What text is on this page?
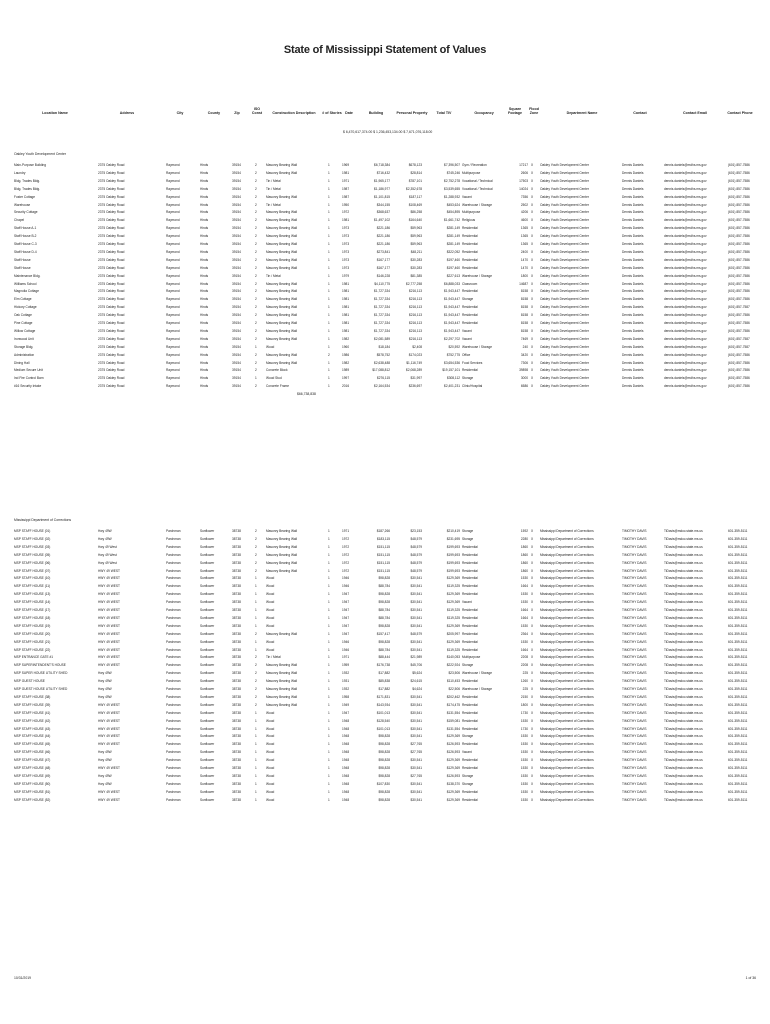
State of Mississippi Statement of Values
Location Name	Address	City	County	Zip
ISO
Const	Construction Description	# of Stories Date	Building	Personal Property	Total TIV	Occupancy
Square
Footage
Flood
Zone	Department Name	Contact	Contact Email	Contact Phone
$ 6,470,617,374.00 $ 1,236,453,134.00 $ 7,671,076,118.00
Oakley Youth Development Center
Main-Purpose Building	2375 Oakley Road	Raymond	Hinds	39154	2	Masonry Bearing Wall	1	1969	$6,718,384	$678,123	$7,396,507 Gym / Recreation	17217 X	Oakley Youth Development Center	Dennis Daniels	dennis.daniels@mdhs.ms.gov	(601) 857-7586
Laundry	2375 Oakley Road	Raymond	Hinds	39154	2	Masonry Bearing Wall	1	1981	$716,432	$28,814	$745,246 Multipurpose	2606 X	Oakley Youth Development Center	Dennis Daniels	dennis.daniels@mdhs.ms.gov	(601) 857-7586
Bldg. Trades Bldg.	2375 Oakley Road	Raymond	Hinds	39154	2	Tin / Metal	1	1971	$1,965,177	$787,101	$2,752,278 Vocational / Technical	17503 X	Oakley Youth Development Center	Dennis Daniels	dennis.daniels@mdhs.ms.gov	(601) 857-7586
Bldg. Trades Bldg.	2375 Oakley Road	Raymond	Hinds	39154	2	Tin / Metal	1	1987	$1,186,977	$2,352,678	$3,539,655 Vocational / Technical	14024 X	Oakley Youth Development Center	Dennis Daniels	dennis.daniels@mdhs.ms.gov	(601) 857-7586
Foster Cottage	2375 Oakley Road	Raymond	Hinds	39154	2	Masonry Bearing Wall	1	1987	$1,101,815	$187,117	$1,288,932 Vacant	7356 X	Oakley Youth Development Center	Dennis Daniels	dennis.daniels@mdhs.ms.gov	(601) 857-7586
Warehouse	2375 Oakley Road	Raymond	Hinds	39154	2	Tin / Metal	1	1950	$344,155	$108,469	$453,624 Warehouse / Storage	2502 X	Oakley Youth Development Center	Dennis Daniels	dennis.daniels@mdhs.ms.gov	(601) 857-7586
Security Cottage	2375 Oakley Road	Raymond	Hinds	39154	2	Masonry Bearing Wall	1	1972	$368,637	$86,258	$454,895 Multipurpose	4206 X	Oakley Youth Development Center	Dennis Daniels	dennis.daniels@mdhs.ms.gov	(601) 857-7586
Chapel	2375 Oakley Road	Raymond	Hinds	39154	2	Masonry Bearing Wall	1	1981	$1,497,102	$164,640	$1,661,742 Religious	4600 X	Oakley Youth Development Center	Dennis Daniels	dennis.daniels@mdhs.ms.gov	(601) 857-7586
Staff House A-1	2375 Oakley Road	Raymond	Hinds	39154	2	Masonry Bearing Wall	1	1973	$221,186	$59,963	$281,149 Residential	1365 X	Oakley Youth Development Center	Dennis Daniels	dennis.daniels@mdhs.ms.gov	(601) 857-7586
Staff House B-2	2375 Oakley Road	Raymond	Hinds	39154	2	Masonry Bearing Wall	1	1973	$221,186	$59,963	$281,149 Residential	1365 X	Oakley Youth Development Center	Dennis Daniels	dennis.daniels@mdhs.ms.gov	(601) 857-7586
Staff House C-3	2375 Oakley Road	Raymond	Hinds	39154	2	Masonry Bearing Wall	1	1973	$221,186	$59,963	$281,149 Residential	1365 X	Oakley Youth Development Center	Dennis Daniels	dennis.daniels@mdhs.ms.gov	(601) 857-7586
Staff House D-4	2375 Oakley Road	Raymond	Hinds	39154	2	Masonry Bearing Wall	1	1973	$273,841	$48,211	$322,052 Residential	2400 X	Oakley Youth Development Center	Dennis Daniels	dennis.daniels@mdhs.ms.gov	(601) 857-7586
Staff House	2375 Oakley Road	Raymond	Hinds	39154	2	Masonry Bearing Wall	1	1973	$167,177	$30,283	$197,460 Residential	1470 X	Oakley Youth Development Center	Dennis Daniels	dennis.daniels@mdhs.ms.gov	(601) 857-7586
Staff House	2375 Oakley Road	Raymond	Hinds	39154	2	Masonry Bearing Wall	1	1973	$167,177	$30,283	$197,460 Residential	1470 X	Oakley Youth Development Center	Dennis Daniels	dennis.daniels@mdhs.ms.gov	(601) 857-7586
Maintenance Bldg.	2375 Oakley Road	Raymond	Hinds	39154	2	Tin / Metal	1	1979	$146,228	$81,385	$227,613 Warehouse / Storage	1800 X	Oakley Youth Development Center	Dennis Daniels	dennis.daniels@mdhs.ms.gov	(601) 857-7586
Williams School	2375 Oakley Road	Raymond	Hinds	39154	2	Masonry Bearing Wall	1	1981	$4,110,775	$2,777,258	$6,888,033 Classroom	14687 X	Oakley Youth Development Center	Dennis Daniels	dennis.daniels@mdhs.ms.gov	(601) 857-7586
Magnolia Cottage	2375 Oakley Road	Raymond	Hinds	39154	2	Masonry Bearing Wall	1	1981	$1,727,334	$216,113	$1,943,447 Residential	8158 X	Oakley Youth Development Center	Dennis Daniels	dennis.daniels@mdhs.ms.gov	(601) 857-7586
Elm Cottage	2375 Oakley Road	Raymond	Hinds	39154	2	Masonry Bearing Wall	1	1981	$1,727,334	$216,113	$1,943,447 Storage	8158 X	Oakley Youth Development Center	Dennis Daniels	dennis.daniels@mdhs.ms.gov	(601) 857-7586
Hickory Cottage	2375 Oakley Road	Raymond	Hinds	39154	2	Masonry Bearing Wall	1	1981	$1,727,334	$216,113	$1,943,447 Residential	8158 X	Oakley Youth Development Center	Dennis Daniels	dennis.daniels@mdhs.ms.gov	(601) 857-7587
Oak Cottage	2375 Oakley Road	Raymond	Hinds	39154	2	Masonry Bearing Wall	1	1981	$1,727,334	$216,113	$1,943,447 Residential	8158 X	Oakley Youth Development Center	Dennis Daniels	dennis.daniels@mdhs.ms.gov	(601) 857-7586
Pine Cottage	2375 Oakley Road	Raymond	Hinds	39154	2	Masonry Bearing Wall	1	1981	$1,727,334	$216,113	$1,943,447 Residential	8158 X	Oakley Youth Development Center	Dennis Daniels	dennis.daniels@mdhs.ms.gov	(601) 857-7586
Willow Cottage	2375 Oakley Road	Raymond	Hinds	39154	2	Masonry Bearing Wall	1	1981	$1,727,334	$216,113	$1,943,447 Vacant	8158 X	Oakley Youth Development Center	Dennis Daniels	dennis.daniels@mdhs.ms.gov	(601) 857-7586
Ironwood Unit	2375 Oakley Road	Raymond	Hinds	39154	2	Masonry Bearing Wall	1	1982	$2,081,589	$216,113	$2,297,702 Vacant	7469 X	Oakley Youth Development Center	Dennis Daniels	dennis.daniels@mdhs.ms.gov	(601) 857-7587
Storage Bldg.	2375 Oakley Road	Raymond	Hinds	39154	1	Wood	1	1960	$18,184	$2,408	$20,592 Warehouse / Storage	240 X	Oakley Youth Development Center	Dennis Daniels	dennis.daniels@mdhs.ms.gov	(601) 857-7587
Administration	2375 Oakley Road	Raymond	Hinds	39154	2	Masonry Bearing Wall	2	1986	$578,752	$174,023	$752,775 Office	3420 X	Oakley Youth Development Center	Dennis Daniels	dennis.daniels@mdhs.ms.gov	(601) 857-7586
Dining Hall	2375 Oakley Road	Raymond	Hinds	39154	2	Masonry Bearing Wall	1	1982	$2,638,488	$1,116,749	$3,654,536 Food Services	7306 X	Oakley Youth Development Center	Dennis Daniels	dennis.daniels@mdhs.ms.gov	(601) 857-7586
Medium Secure Unit	2375 Oakley Road	Raymond	Hinds	39154	2	Concrete Block	1	1989	$17,088,812	$2,068,289	$19,157,101 Residential	39898 X	Oakley Youth Development Center	Dennis Daniels	dennis.daniels@mdhs.ms.gov	(601) 857-7586
Ind Fire Control Barn	2375 Oakley Road	Raymond	Hinds	39154	1	Wood Stud	1	1997	$276,115	$31,997	$308,112 Storage	3000 X	Oakley Youth Development Center	Dennis Daniels	dennis.daniels@mdhs.ms.gov	(601) 857-7586
#16 Security Intake	2375 Oakley Road	Raymond	Hinds	39154	2	Concrete Frame	1	2016	$2,164,534	$236,697	$2,401,231 Clinic/Hospital	6586 X	Oakley Youth Development Center	Dennis Daniels	dennis.daniels@mdhs.ms.gov	(601) 857-7586
$66,738,838
Mississippi Department of Corrections
MSP STAFF HOUSE (01)	Hwy 49W	Parchman	Sunflower	38738	2	Masonry Bearing Wall	1	1971	$187,266	$23,153	$210,419 Storage	1592 X	Mississippi Department of Corrections	TIMOTHY DAVIS	TiDavis@mdoc.state.ms.us	601-359-5111
MSP STAFF HOUSE (02)	Hwy 49W	Parchman	Sunflower	38738	2	Masonry Bearing Wall	1	1972	$183,115	$48,579	$231,695 Storage	2280 X	Mississippi Department of Corrections	TIMOTHY DAVIS	TiDavis@mdoc.state.ms.us	601-359-5111
MSP STAFF HOUSE (03)	Hwy 49 West	Parchman	Sunflower	38738	2	Masonry Bearing Wall	1	1972	$151,115	$48,579	$199,693 Residential	1860 X	Mississippi Department of Corrections	TIMOTHY DAVIS	TiDavis@mdoc.state.ms.us	601-359-5111
MSP STAFF HOUSE (05)	Hwy 49 West	Parchman	Sunflower	38738	2	Masonry Bearing Wall	1	1972	$151,115	$48,579	$199,693 Residential	1860 X	Mississippi Department of Corrections	TIMOTHY DAVIS	TiDavis@mdoc.state.ms.us	601-359-5111
MSP STAFF HOUSE (06)	Hwy 49 West	Parchman	Sunflower	38738	2	Masonry Bearing Wall	1	1972	$151,115	$48,579	$199,693 Residential	1860 X	Mississippi Department of Corrections	TIMOTHY DAVIS	TiDavis@mdoc.state.ms.us	601-359-5111
MSP STAFF HOUSE (07)	HWY 49 WEST	Parchman	Sunflower	38738	2	Masonry Bearing Wall	1	1972	$151,115	$48,579	$199,693 Residential	1860 X	Mississippi Department of Corrections	TIMOTHY DAVIS	TiDavis@mdoc.state.ms.us	601-359-5111
MSP STAFF HOUSE (10)	HWY 49 WEST	Parchman	Sunflower	38738	1	Wood	1	1946	$98,828	$30,541	$129,369 Residential	1530 X	Mississippi Department of Corrections	TIMOTHY DAVIS	TiDavis@mdoc.state.ms.us	601-359-5111
MSP STAFF HOUSE (11)	HWY 49 WEST	Parchman	Sunflower	38738	1	Wood	1	1946	$88,784	$30,541	$119,325 Residential	1664 X	Mississippi Department of Corrections	TIMOTHY DAVIS	TiDavis@mdoc.state.ms.us	601-359-5111
MSP STAFF HOUSE (13)	HWY 49 WEST	Parchman	Sunflower	38738	1	Wood	1	1947	$98,828	$30,541	$129,369 Residential	1530 X	Mississippi Department of Corrections	TIMOTHY DAVIS	TiDavis@mdoc.state.ms.us	601-359-5111
MSP STAFF HOUSE (14)	HWY 49 WEST	Parchman	Sunflower	38738	1	Wood	1	1947	$98,828	$30,541	$129,369 Vacant	1530 X	Mississippi Department of Corrections	TIMOTHY DAVIS	TiDavis@mdoc.state.ms.us	601-359-5111
MSP STAFF HOUSE (17)	HWY 49 WEST	Parchman	Sunflower	38738	1	Wood	1	1947	$88,784	$30,541	$119,325 Residential	1664 X	Mississippi Department of Corrections	TIMOTHY DAVIS	TiDavis@mdoc.state.ms.us	601-359-5111
MSP STAFF HOUSE (18)	HWY 49 WEST	Parchman	Sunflower	38738	1	Wood	1	1947	$88,784	$30,541	$119,325 Residential	1664 X	Mississippi Department of Corrections	TIMOTHY DAVIS	TiDavis@mdoc.state.ms.us	601-359-5111
MSP STAFF HOUSE (19)	HWY 49 WEST	Parchman	Sunflower	38738	1	Wood	1	1947	$98,828	$30,541	$129,369 Residential	1530 X	Mississippi Department of Corrections	TIMOTHY DAVIS	TiDavis@mdoc.state.ms.us	601-359-5111
MSP STAFF HOUSE (20)	HWY 49 WEST	Parchman	Sunflower	38738	2	Masonry Bearing Wall	1	1947	$157,417	$48,579	$205,997 Residential	2364 X	Mississippi Department of Corrections	TIMOTHY DAVIS	TiDavis@mdoc.state.ms.us	601-359-5111
MSP STAFF HOUSE (21)	HWY 49 WEST	Parchman	Sunflower	38738	1	Wood	1	1946	$98,828	$30,541	$129,369 Residential	1530 X	Mississippi Department of Corrections	TIMOTHY DAVIS	TiDavis@mdoc.state.ms.us	601-359-5111
MSP STAFF HOUSE (22)	HWY 49 WEST	Parchman	Sunflower	38738	1	Wood	1	1946	$88,784	$30,541	$119,325 Residential	1664 X	Mississippi Department of Corrections	TIMOTHY DAVIS	TiDavis@mdoc.state.ms.us	601-359-5111
MSP ENTRANCE GATE #1	HWY 49 WEST	Parchman	Sunflower	38738	2	Tin / Metal	1	1971	$88,444	$21,989	$140,053 Multipurpose	2208 X	Mississippi Department of Corrections	TIMOTHY DAVIS	TiDavis@mdoc.state.ms.us	601-359-5111
MSP SUPERINTENDENT'S HOUSE	HWY 49 WEST	Parchman	Sunflower	38738	2	Masonry Bearing Wall	1	1959	$176,738	$45,706	$222,924 Storage	2208 X	Mississippi Department of Corrections	TIMOTHY DAVIS	TiDavis@mdoc.state.ms.us	601-359-5111
MSP SUPER HOUSE UTILITY SHED	Hwy 49W	Parchman	Sunflower	38738	2	Masonry Bearing Wall	1	1932	$17,882	$5,624	$23,506 Warehouse / Storage	225 X	Mississippi Department of Corrections	TIMOTHY DAVIS	TiDavis@mdoc.state.ms.us	601-359-5111
MSP GUEST HOUSE	Hwy 49W	Parchman	Sunflower	38738	2	Masonry Bearing Wall	1	1931	$85,838	$24,615	$110,453 Residential	1260 X	Mississippi Department of Corrections	TIMOTHY DAVIS	TiDavis@mdoc.state.ms.us	601-359-5111
MSP GUEST HOUSE UTILITY SHED	Hwy 49W	Parchman	Sunflower	38738	2	Masonry Bearing Wall	1	1932	$17,882	$4,624	$22,506 Warehouse / Storage	225 X	Mississippi Department of Corrections	TIMOTHY DAVIS	TiDavis@mdoc.state.ms.us	601-359-5111
MSP STAFF HOUSE (38)	Hwy 49W	Parchman	Sunflower	38738	2	Masonry Bearing Wall	1	1958	$171,831	$30,541	$202,462 Residential	2150 X	Mississippi Department of Corrections	TIMOTHY DAVIS	TiDavis@mdoc.state.ms.us	601-359-5111
MSP STAFF HOUSE (39)	HWY 49 WEST	Parchman	Sunflower	38738	2	Masonry Bearing Wall	1	1949	$143,934	$30,541	$174,475 Residential	1800 X	Mississippi Department of Corrections	TIMOTHY DAVIS	TiDavis@mdoc.state.ms.us	601-359-5111
MSP STAFF HOUSE (41)	HWY 49 WEST	Parchman	Sunflower	38738	1	Wood	1	1947	$101,013	$30,541	$131,554 Residential	1730 X	Mississippi Department of Corrections	TIMOTHY DAVIS	TiDavis@mdoc.state.ms.us	601-359-5111
MSP STAFF HOUSE (42)	HWY 49 WEST	Parchman	Sunflower	38738	1	Wood	1	1948	$128,540	$30,541	$159,081 Residential	1530 X	Mississippi Department of Corrections	TIMOTHY DAVIS	TiDavis@mdoc.state.ms.us	601-359-5111
MSP STAFF HOUSE (43)	HWY 49 WEST	Parchman	Sunflower	38738	1	Wood	1	1948	$101,013	$30,541	$131,554 Residential	1730 X	Mississippi Department of Corrections	TIMOTHY DAVIS	TiDavis@mdoc.state.ms.us	601-359-5111
MSP STAFF HOUSE (44)	HWY 49 WEST	Parchman	Sunflower	38738	1	Wood	1	1948	$98,828	$30,541	$129,369 Storage	1530 X	Mississippi Department of Corrections	TIMOTHY DAVIS	TiDavis@mdoc.state.ms.us	601-359-5111
MSP STAFF HOUSE (45)	HWY 49 WEST	Parchman	Sunflower	38738	1	Wood	1	1948	$98,828	$27,765	$126,593 Residential	1530 X	Mississippi Department of Corrections	TIMOTHY DAVIS	TiDavis@mdoc.state.ms.us	601-359-5111
MSP STAFF HOUSE (46)	Hwy 49W	Parchman	Sunflower	38738	1	Wood	1	1948	$98,828	$27,765	$126,593 Vacant	1530 X	Mississippi Department of Corrections	TIMOTHY DAVIS	TiDavis@mdoc.state.ms.us	601-359-5111
MSP STAFF HOUSE (47)	Hwy 49W	Parchman	Sunflower	38738	1	Wood	1	1948	$98,828	$30,541	$129,369 Residential	1530 X	Mississippi Department of Corrections	TIMOTHY DAVIS	TiDavis@mdoc.state.ms.us	601-359-5111
MSP STAFF HOUSE (48)	HWY 49 WEST	Parchman	Sunflower	38738	1	Wood	1	1948	$98,828	$30,541	$129,369 Residential	1530 X	Mississippi Department of Corrections	TIMOTHY DAVIS	TiDavis@mdoc.state.ms.us	601-359-5111
MSP STAFF HOUSE (49)	Hwy 49W	Parchman	Sunflower	38738	1	Wood	1	1948	$98,828	$27,765	$126,593 Storage	1530 X	Mississippi Department of Corrections	TIMOTHY DAVIS	TiDavis@mdoc.state.ms.us	601-359-5111
MSP STAFF HOUSE (50)	Hwy 49W	Parchman	Sunflower	38738	1	Wood	1	1948	$107,830	$30,541	$138,370 Storage	1530 X	Mississippi Department of Corrections	TIMOTHY DAVIS	TiDavis@mdoc.state.ms.us	601-359-5111
MSP STAFF HOUSE (51)	HWY 49 WEST	Parchman	Sunflower	38738	1	Wood	1	1948	$98,828	$30,541	$129,369 Residential	1530 X	Mississippi Department of Corrections	TIMOTHY DAVIS	TiDavis@mdoc.state.ms.us	601-359-5111
MSP STAFF HOUSE (52)	HWY 49 WEST	Parchman	Sunflower	38738	1	Wood	1	1948	$98,828	$30,541	$129,369 Residential	1530 X	Mississippi Department of Corrections	TIMOTHY DAVIS	TiDavis@mdoc.state.ms.us	601-359-5111
10/31/2019	1 of 36
